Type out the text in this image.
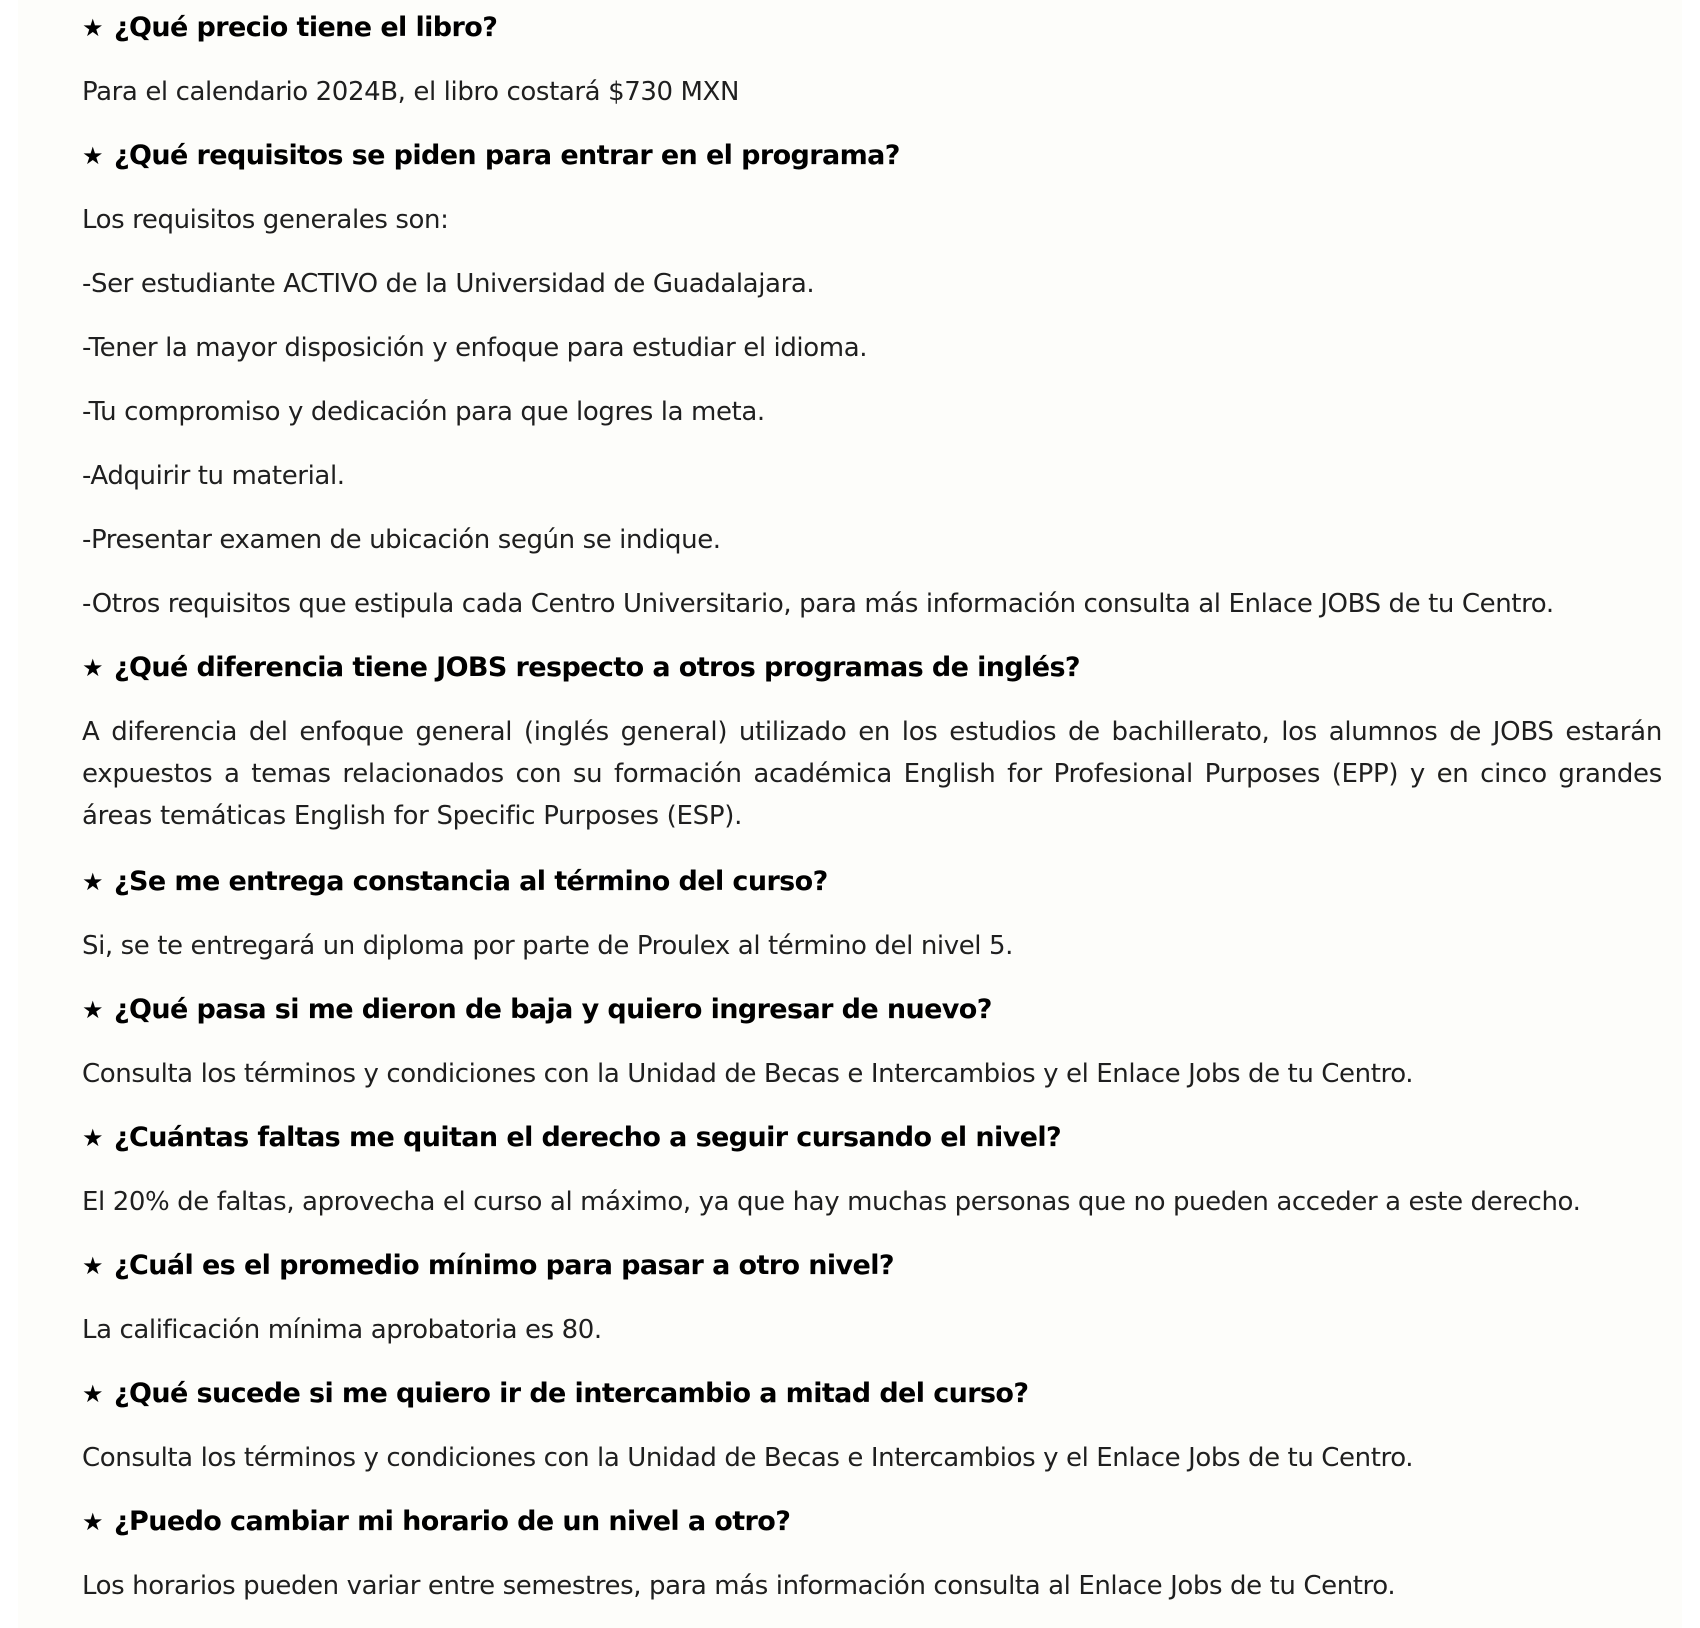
★ ¿Qué precio tiene el libro?

Para el calendario 2024B, el libro costará $730 MXN

★ ¿Qué requisitos se piden para entrar en el programa?

Los requisitos generales son:

-Ser estudiante ACTIVO de la Universidad de Guadalajara.

-Tener la mayor disposición y enfoque para estudiar el idioma.

-Tu compromiso y dedicación para que logres la meta.

-Adquirir tu material.

-Presentar examen de ubicación según se indique.

-Otros requisitos que estipula cada Centro Universitario, para más información consulta al Enlace JOBS de tu Centro.

★ ¿Qué diferencia tiene JOBS respecto a otros programas de inglés?

A diferencia del enfoque general (inglés general) utilizado en los estudios de bachillerato, los alumnos de JOBS estarán expuestos a temas relacionados con su formación académica English for Profesional Purposes (EPP) y en cinco grandes áreas temáticas English for Specific Purposes (ESP).

★ ¿Se me entrega constancia al término del curso?

Si, se te entregará un diploma por parte de Proulex al término del nivel 5.

★ ¿Qué pasa si me dieron de baja y quiero ingresar de nuevo?

Consulta los términos y condiciones con la Unidad de Becas e Intercambios y el Enlace Jobs de tu Centro.

★ ¿Cuántas faltas me quitan el derecho a seguir cursando el nivel?

El 20% de faltas, aprovecha el curso al máximo, ya que hay muchas personas que no pueden acceder a este derecho.

★ ¿Cuál es el promedio mínimo para pasar a otro nivel?

La calificación mínima aprobatoria es 80.

★ ¿Qué sucede si me quiero ir de intercambio a mitad del curso?

Consulta los términos y condiciones con la Unidad de Becas e Intercambios y el Enlace Jobs de tu Centro.

★ ¿Puedo cambiar mi horario de un nivel a otro?

Los horarios pueden variar entre semestres, para más información consulta al Enlace Jobs de tu Centro.
